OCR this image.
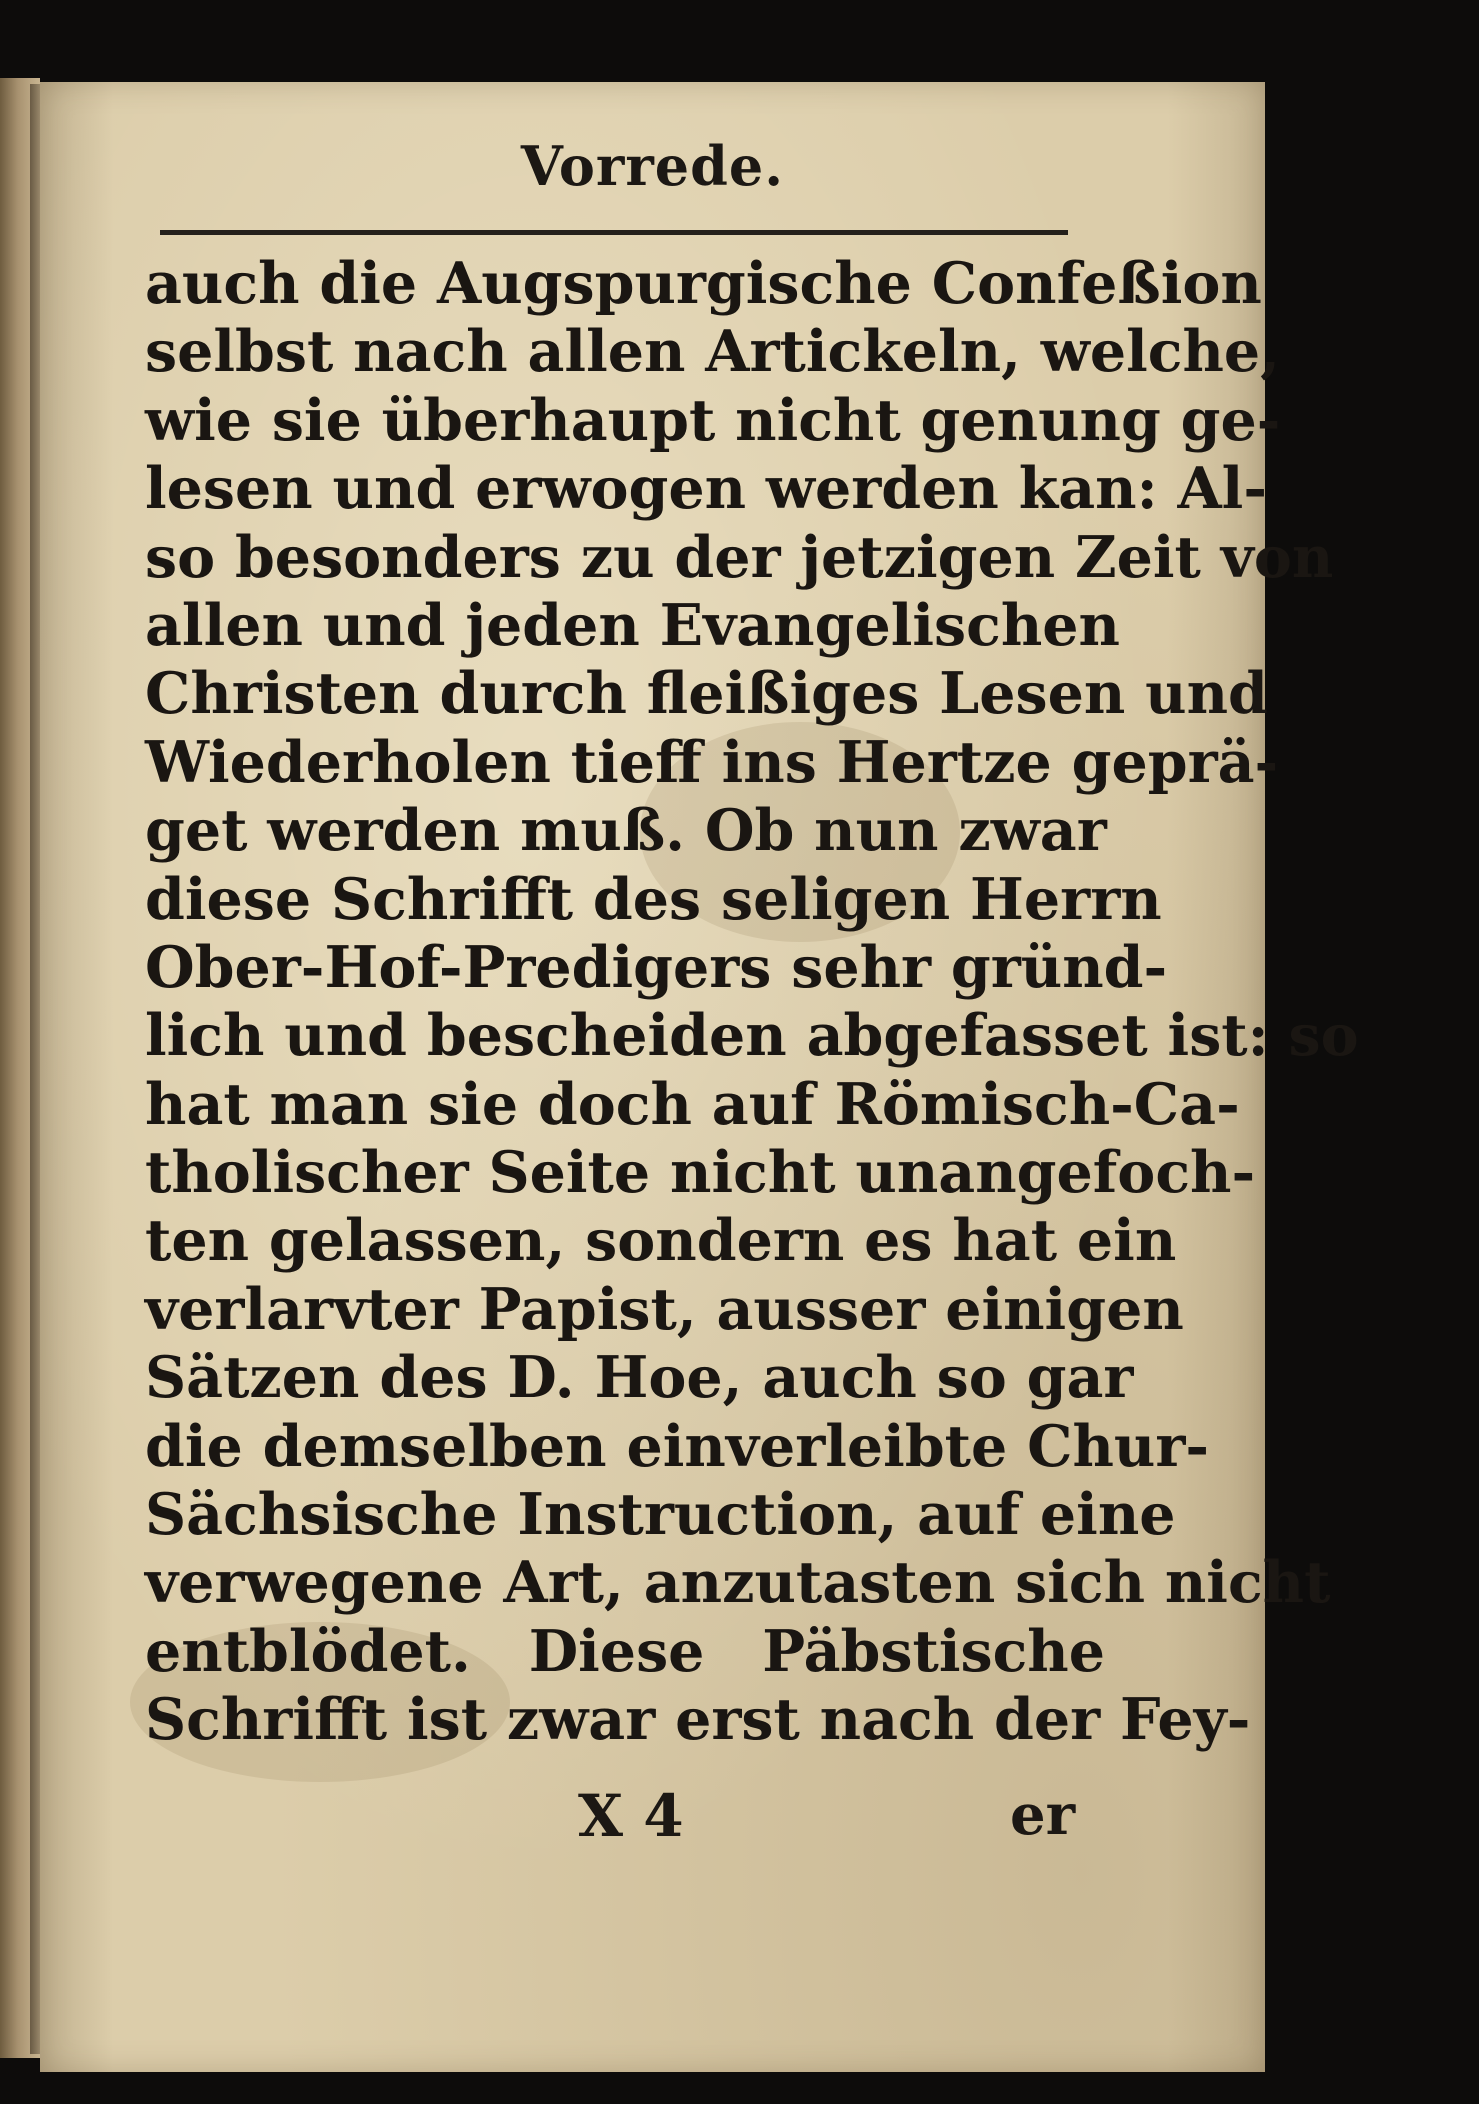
Vorrede.
auch die Augspurgische Confeßion
selbst nach allen Artickeln, welche,
wie sie überhaupt nicht genung ge-
lesen und erwogen werden kan: Al-
so besonders zu der jetzigen Zeit von
allen und jeden Evangelischen
Christen durch fleißiges Lesen und
Wiederholen tieff ins Hertze geprä-
get werden muß. Ob nun zwar
diese Schrifft des seligen Herrn
Ober-Hof-Predigers sehr gründ-
lich und bescheiden abgefasset ist: so
hat man sie doch auf Römisch-Ca-
tholischer Seite nicht unangefoch-
ten gelassen, sondern es hat ein
verlarvter Papist, ausser einigen
Sätzen des D. Hoe, auch so gar
die demselben einverleibte Chur-
Sächsische Instruction, auf eine
verwegene Art, anzutasten sich nicht
entblödet. Diese Päbstische
Schrifft ist zwar erst nach der Fey-
X 4	er
